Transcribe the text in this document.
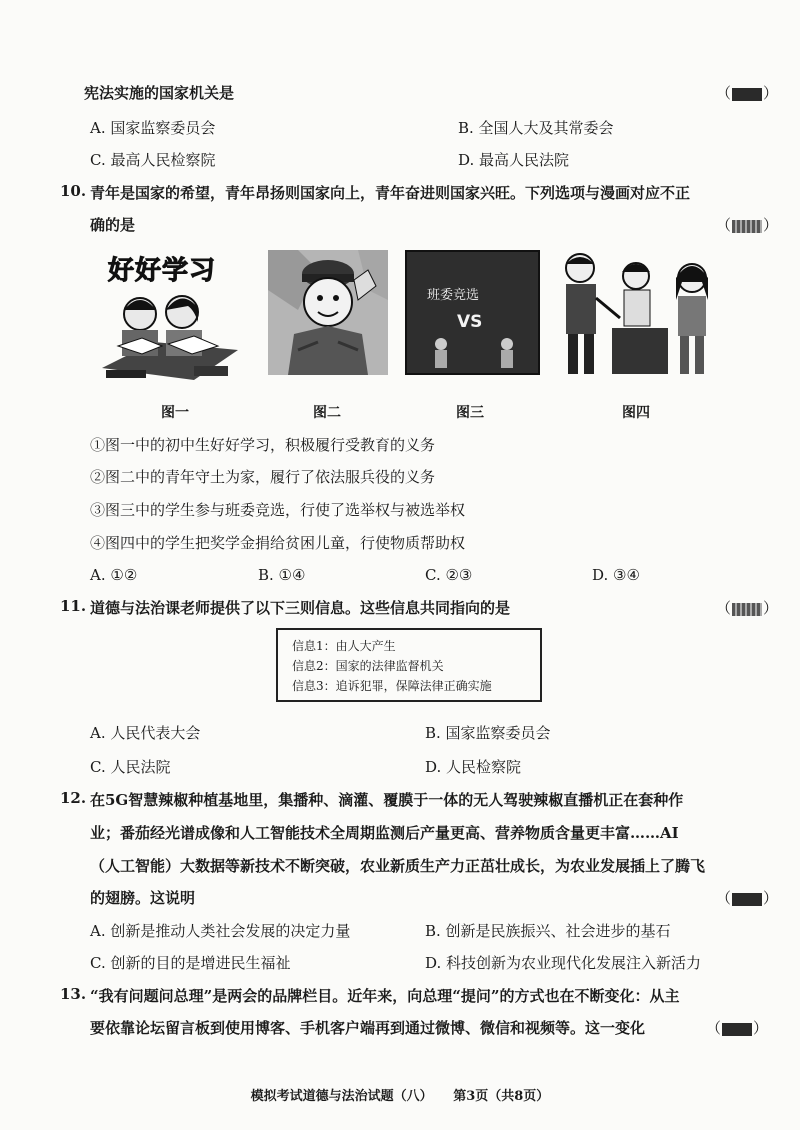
宪法实施的国家机关是	（ ）
A. 国家监察委员会	B. 全国人大及其常委会
C. 最高人民检察院	D. 最高人民法院
10. 青年是国家的希望，青年昂扬则国家向上，青年奋进则国家兴旺。下列选项与漫画对应不正
确的是	（ ）
好好学习
图一	图二
班委竞选
VS
图三	图四
①图一中的初中生好好学习，积极履行受教育的义务
②图二中的青年守土为家，履行了依法服兵役的义务
③图三中的学生参与班委竞选，行使了选举权与被选举权
④图四中的学生把奖学金捐给贫困儿童，行使物质帮助权
A. ①②	B. ①④	C. ②③	D. ③④
11. 道德与法治课老师提供了以下三则信息。这些信息共同指向的是	（ ）
信息1：由人大产生
信息2：国家的法律监督机关
信息3：追诉犯罪，保障法律正确实施
A. 人民代表大会	B. 国家监察委员会
C. 人民法院	D. 人民检察院
12. 在5G智慧辣椒种植基地里，集播种、滴灌、覆膜于一体的无人驾驶辣椒直播机正在套种作
业；番茄经光谱成像和人工智能技术全周期监测后产量更高、营养物质含量更丰富……AI
（人工智能）大数据等新技术不断突破，农业新质生产力正茁壮成长，为农业发展插上了腾飞
的翅膀。这说明	（ ）
A. 创新是推动人类社会发展的决定力量	B. 创新是民族振兴、社会进步的基石
C. 创新的目的是增进民生福祉	D. 科技创新为农业现代化发展注入新活力
13. “我有问题问总理”是两会的品牌栏目。近年来，向总理“提问”的方式也在不断变化：从主
要依靠论坛留言板到使用博客、手机客户端再到通过微博、微信和视频等。这一变化	（ ）
模拟考试道德与法治试题（八） 第3页（共8页）
